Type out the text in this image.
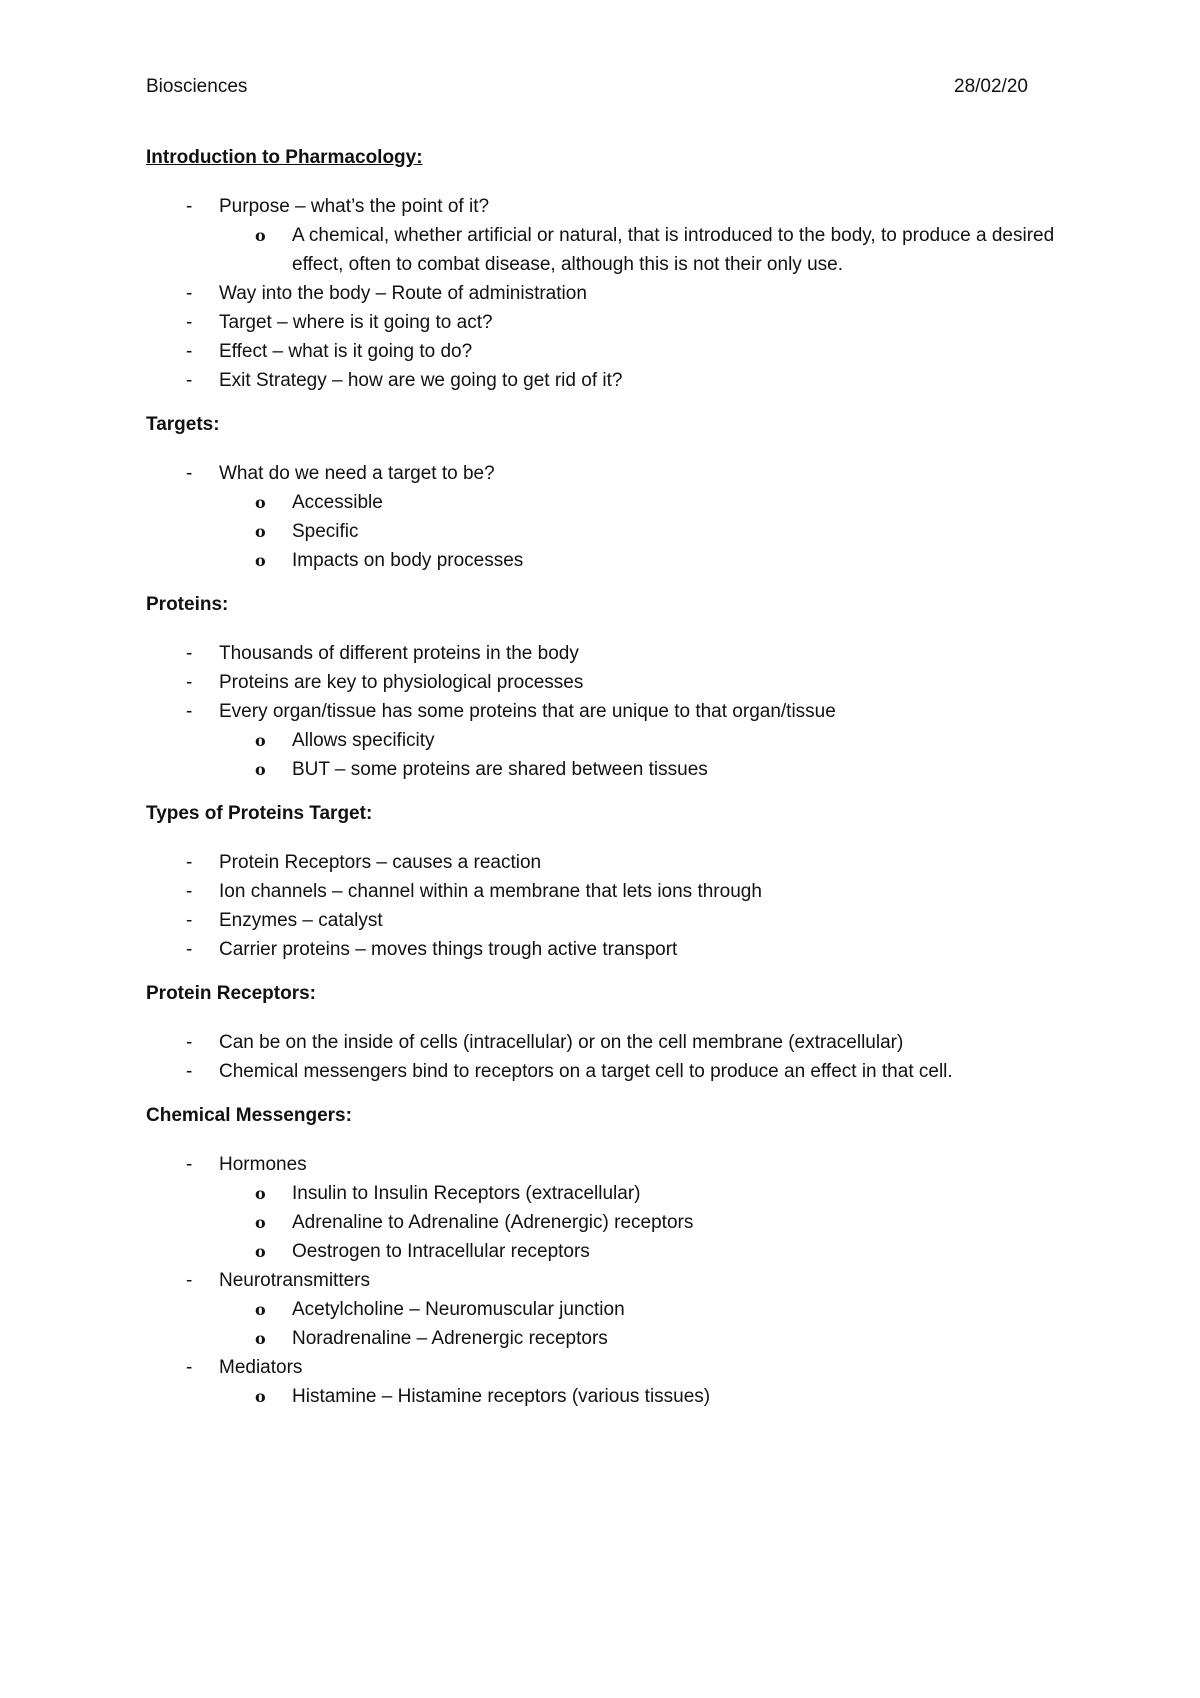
Biosciences	28/02/20
Introduction to Pharmacology:
- Purpose – what’s the point of it?
o A chemical, whether artificial or natural, that is introduced to the body, to produce a desired effect, often to combat disease, although this is not their only use.
- Way into the body – Route of administration
- Target – where is it going to act?
- Effect – what is it going to do?
- Exit Strategy – how are we going to get rid of it?
Targets:
- What do we need a target to be?
o Accessible
o Specific
o Impacts on body processes
Proteins:
- Thousands of different proteins in the body
- Proteins are key to physiological processes
- Every organ/tissue has some proteins that are unique to that organ/tissue
o Allows specificity
o BUT – some proteins are shared between tissues
Types of Proteins Target:
- Protein Receptors – causes a reaction
- Ion channels – channel within a membrane that lets ions through
- Enzymes – catalyst
- Carrier proteins – moves things trough active transport
Protein Receptors:
- Can be on the inside of cells (intracellular) or on the cell membrane (extracellular)
- Chemical messengers bind to receptors on a target cell to produce an effect in that cell.
Chemical Messengers:
- Hormones
o Insulin to Insulin Receptors (extracellular)
o Adrenaline to Adrenaline (Adrenergic) receptors
o Oestrogen to Intracellular receptors
- Neurotransmitters
o Acetylcholine – Neuromuscular junction
o Noradrenaline – Adrenergic receptors
- Mediators
o Histamine – Histamine receptors (various tissues)
